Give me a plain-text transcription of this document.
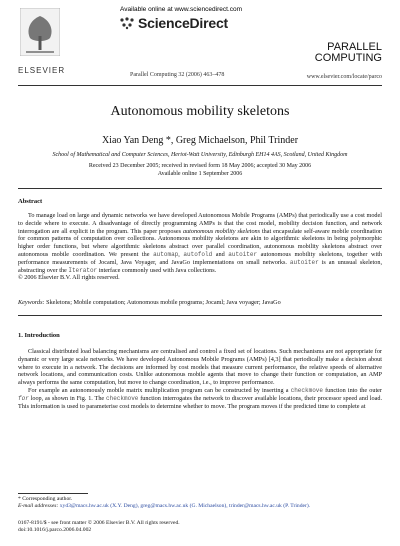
ELSEVIER
Available online at www.sciencedirect.com
ScienceDirect
Parallel Computing 32 (2006) 463–478
PARALLEL
COMPUTING
www.elsevier.com/locate/parco
Autonomous mobility skeletons
Xiao Yan Deng *, Greg Michaelson, Phil Trinder
School of Mathematical and Computer Sciences, Heriot-Watt University, Edinburgh EH14 4AS, Scotland, United Kingdom
Received 23 December 2005; received in revised form 18 May 2006; accepted 30 May 2006
Available online 1 September 2006
Abstract
To manage load on large and dynamic networks we have developed Autonomous Mobile Programs (AMPs) that periodically use a cost model to decide where to execute. A disadvantage of directly programming AMPs is that the cost model, mobility decision function, and network interrogation are all explicit in the program. This paper proposes autonomous mobility skeletons that encapsulate self-aware mobile coordination for common patterns of computation over collections. Autonomous mobility skeletons are akin to algorithmic skeletons in being polymorphic higher order functions, but where algorithmic skeletons abstract over parallel coordination, autonomous mobility skeletons abstract over autonomous mobile coordination. We present the automap, autofold and autoiter autonomous mobility skeletons, together with performance measurements of Jocaml, Java Voyager, and JavaGo implementations on small networks. autoiter is an unusual skeleton, abstracting over the Iterator interface commonly used with Java collections.
© 2006 Elsevier B.V. All rights reserved.
Keywords: Skeletons; Mobile computation; Autonomous mobile programs; Jocaml; Java voyager; JavaGo
1. Introduction

Classical distributed load balancing mechanisms are centralised and control a fixed set of locations. Such mechanisms are not appropriate for dynamic or very large scale networks. We have developed Autonomous Mobile Programs (AMPs) [4,3] that periodically make a decision about where to execute in a network. The decisions are informed by cost models that measure current performance, the relative speeds of alternative network locations, and communication costs. Unlike autonomous mobile agents that move to change their function or computation, an AMP always performs the same computation, but move to change coordination, i.e., to improve performance.

For example an autonomously mobile matrix multiplication program can be constructed by inserting a checkmove function into the outer for loop, as shown in Fig. 1. The checkmove function interrogates the network to discover available locations, their processor speed and load. This information is used to parameterise cost models to determine whether to move. The program moves if the predicted time to complete at

* Corresponding author.
E-mail addresses: xyd3@macs.hw.ac.uk (X.Y. Deng), greg@macs.hw.ac.uk (G. Michaelson), trinder@macs.hw.ac.uk (P. Trinder).
0167-8191/$ - see front matter © 2006 Elsevier B.V. All rights reserved.
doi:10.1016/j.parco.2006.04.002
